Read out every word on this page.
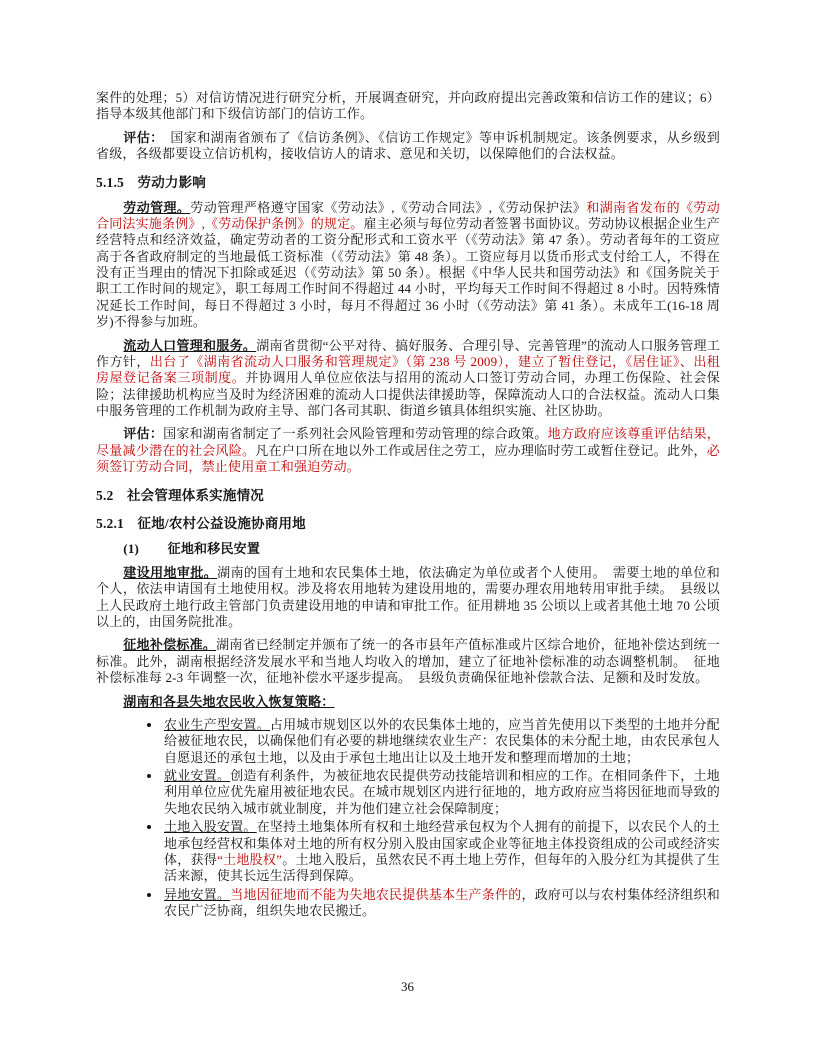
案件的处理；5）对信访情况进行研究分析，开展调查研究，并向政府提出完善政策和信访工作的建议；6）指导本级其他部门和下级信访部门的信访工作。

评估：　国家和湖南省颁布了《信访条例》、《信访工作规定》等申诉机制规定。该条例要求，从乡级到省级，各级都要设立信访机构，接收信访人的请求、意见和关切，以保障他们的合法权益。

5.1.5 劳动力影响

劳动管理。劳动管理严格遵守国家《劳动法》,《劳动合同法》,《劳动保护法》和湖南省发布的《劳动合同法实施条例》,《劳动保护条例》的规定。雇主必须与每位劳动者签署书面协议。劳动协议根据企业生产经营特点和经济效益，确定劳动者的工资分配形式和工资水平（《劳动法》第 47 条）。劳动者每年的工资应高于各省政府制定的当地最低工资标准（《劳动法》第 48 条）。工资应每月以货币形式支付给工人，不得在没有正当理由的情况下扣除或延迟（《劳动法》第 50 条）。根据《中华人民共和国劳动法》和《国务院关于职工工作时间的规定》，职工每周工作时间不得超过 44 小时，平均每天工作时间不得超过 8 小时。因特殊情况延长工作时间，每日不得超过 3 小时，每月不得超过 36 小时（《劳动法》第 41 条）。未成年工(16-18 周岁)不得参与加班。

流动人口管理和服务。湖南省贯彻“公平对待、搞好服务、合理引导、完善管理”的流动人口服务管理工作方针，出台了《湖南省流动人口服务和管理规定》（第 238 号 2009），建立了暂住登记，《居住证》、出租房屋登记备案三项制度。并协调用人单位应依法与招用的流动人口签订劳动合同，办理工伤保险、社会保险；法律援助机构应当及时为经济困难的流动人口提供法律援助等，保障流动人口的合法权益。流动人口集中服务管理的工作机制为政府主导、部门各司其职、街道乡镇具体组织实施、社区协助。

评估：国家和湖南省制定了一系列社会风险管理和劳动管理的综合政策。地方政府应该尊重评估结果，尽量减少潜在的社会风险。凡在户口所在地以外工作或居住之劳工，应办理临时劳工或暂住登记。此外，必须签订劳动合同，禁止使用童工和强迫劳动。

5.2 社会管理体系实施情况

5.2.1 征地/农村公益设施协商用地

(1) 征地和移民安置

建设用地审批。湖南的国有土地和农民集体土地，依法确定为单位或者个人使用。　需要土地的单位和个人，依法申请国有土地使用权。涉及将农用地转为建设用地的，需要办理农用地转用审批手续。　县级以上人民政府土地行政主管部门负责建设用地的申请和审批工作。征用耕地 35 公顷以上或者其他土地 70 公顷以上的，由国务院批准。

征地补偿标准。湖南省已经制定并颁布了统一的各市县年产值标准或片区综合地价，征地补偿达到统一标准。此外，湖南根据经济发展水平和当地人均收入的增加，建立了征地补偿标准的动态调整机制。　征地补偿标准每 2-3 年调整一次，征地补偿水平逐步提高。　县级负责确保征地补偿款合法、足额和及时发放。

湖南和各县失地农民收入恢复策略：

• 农业生产型安置。占用城市规划区以外的农民集体土地的，应当首先使用以下类型的土地并分配给被征地农民，以确保他们有必要的耕地继续农业生产：农民集体的未分配土地，由农民承包人自愿退还的承包土地，以及由于承包土地出让以及土地开发和整理而增加的土地；
• 就业安置。创造有利条件，为被征地农民提供劳动技能培训和相应的工作。在相同条件下，土地利用单位应优先雇用被征地农民。在城市规划区内进行征地的，地方政府应当将因征地而导致的失地农民纳入城市就业制度，并为他们建立社会保障制度；
• 土地入股安置。在坚持土地集体所有权和土地经营承包权为个人拥有的前提下，以农民个人的土地承包经营权和集体对土地的所有权分别入股由国家或企业等征地主体投资组成的公司或经济实体，获得“土地股权”。土地入股后，虽然农民不再土地上劳作，但每年的入股分红为其提供了生活来源，使其长远生活得到保障。
• 异地安置。当地因征地而不能为失地农民提供基本生产条件的，政府可以与农村集体经济组织和农民广泛协商，组织失地农民搬迁。
36
